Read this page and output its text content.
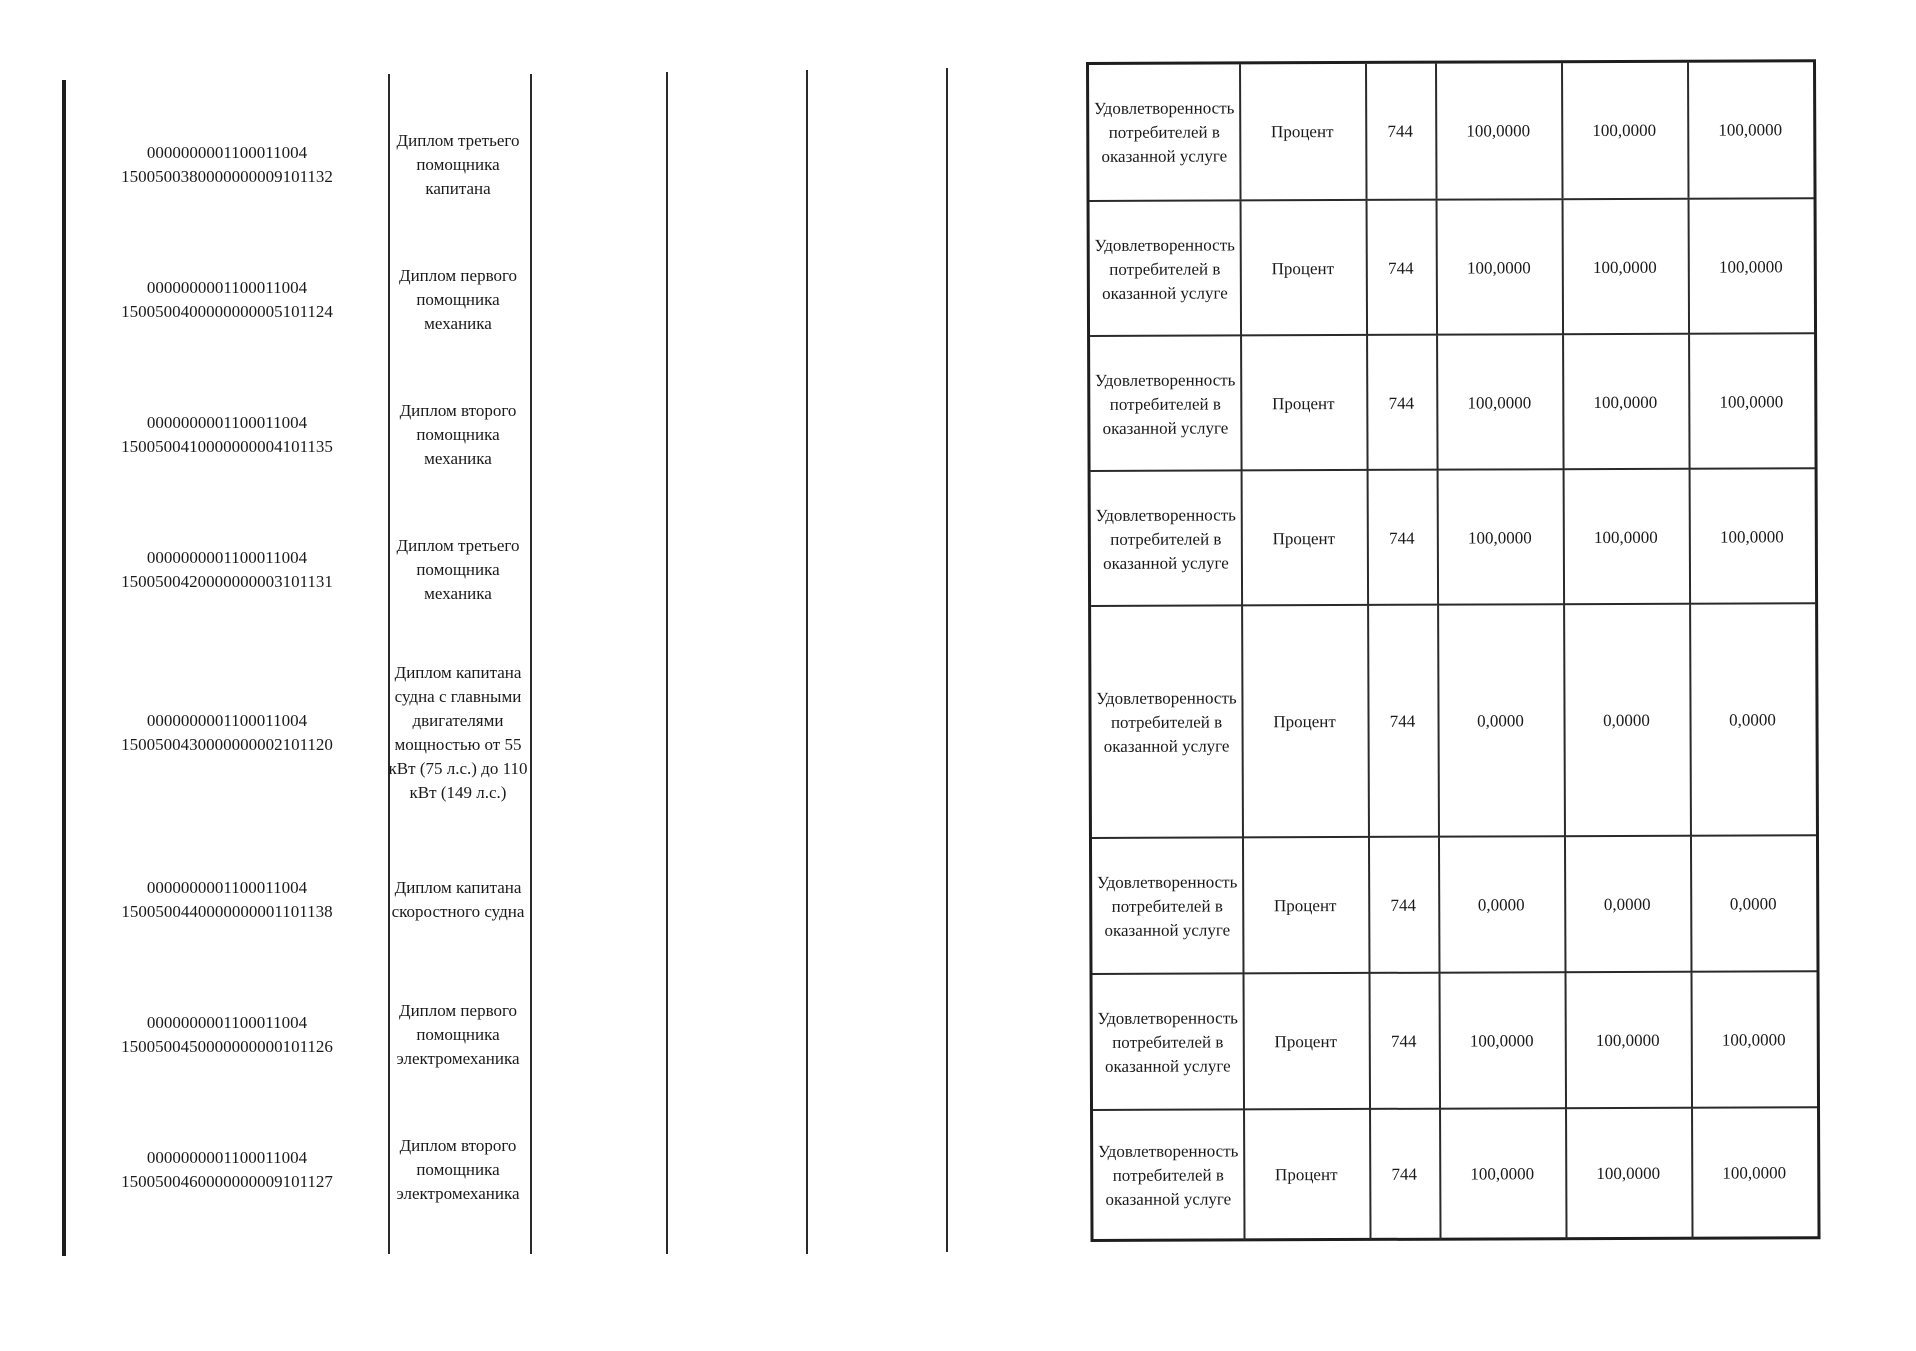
0000000001100011004
1500500380000000009101132
Диплом третьего помощника капитана
0000000001100011004
1500500400000000005101124
Диплом первого помощника механика
0000000001100011004
1500500410000000004101135
Диплом второго помощника механика
0000000001100011004
1500500420000000003101131
Диплом третьего помощника механика
0000000001100011004
1500500430000000002101120
Диплом капитана судна с главными двигателями мощностью от 55 кВт (75 л.с.) до 110 кВт (149 л.с.)
0000000001100011004
1500500440000000001101138
Диплом капитана скоростного судна
0000000001100011004
1500500450000000000101126
Диплом первого помощника электромеханика
0000000001100011004
1500500460000000009101127
Диплом второго помощника электромеханика
Удовлетворенность потребителей в оказанной услуге
Процент	744	100,0000	100,0000	100,0000
Удовлетворенность потребителей в оказанной услуге
Процент	744	100,0000	100,0000	100,0000
Удовлетворенность потребителей в оказанной услуге
Процент	744	100,0000	100,0000	100,0000
Удовлетворенность потребителей в оказанной услуге
Процент	744	100,0000	100,0000	100,0000
Удовлетворенность потребителей в оказанной услуге
Процент	744	0,0000	0,0000	0,0000
Удовлетворенность потребителей в оказанной услуге
Процент	744	0,0000	0,0000	0,0000
Удовлетворенность потребителей в оказанной услуге
Процент	744	100,0000	100,0000	100,0000
Удовлетворенность потребителей в оказанной услуге
Процент	744	100,0000	100,0000	100,0000
